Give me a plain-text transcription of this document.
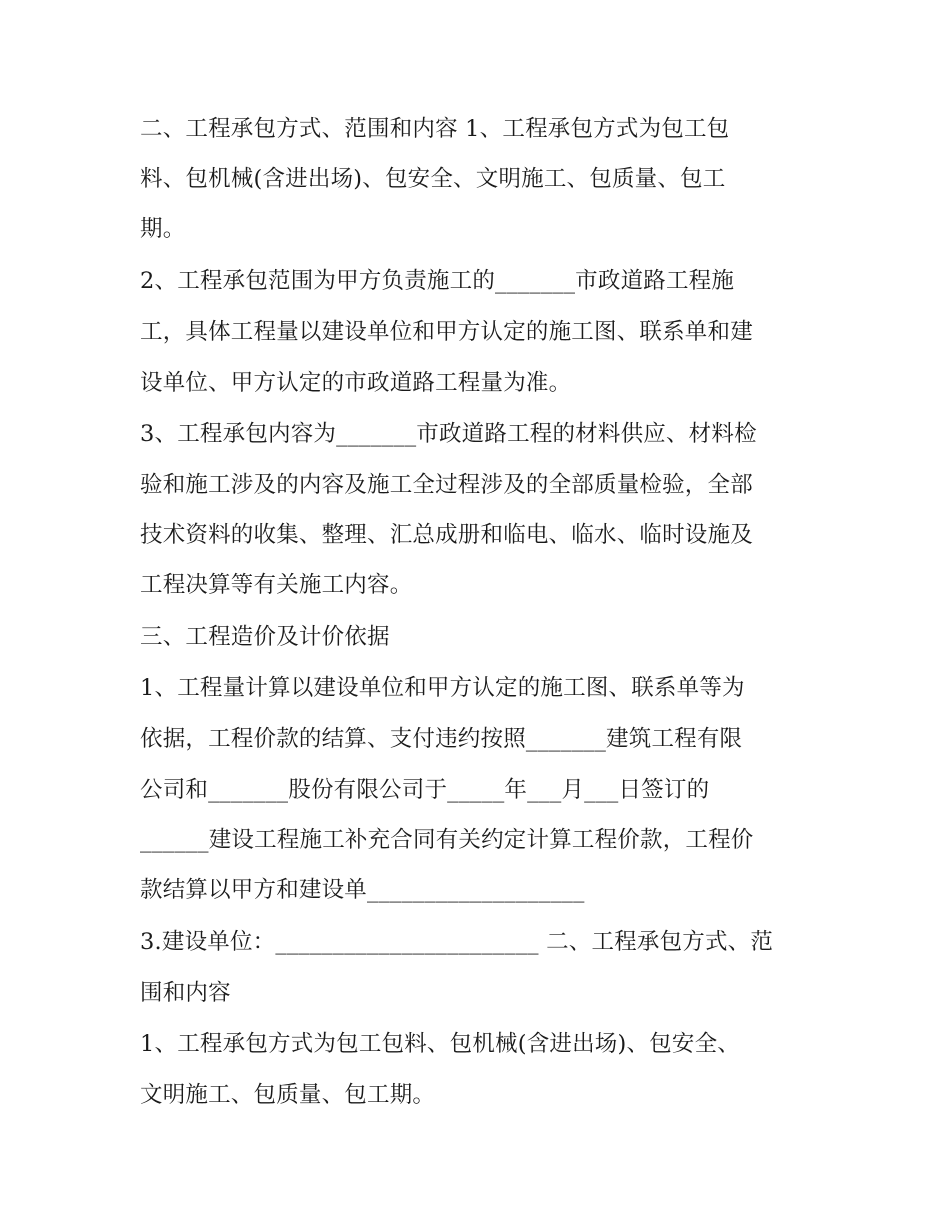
二、工程承包方式、范围和内容 1、工程承包方式为包工包

料、包机械(含进出场)、包安全、文明施工、包质量、包工

期。

2、工程承包范围为甲方负责施工的_______市政道路工程施

工，具体工程量以建设单位和甲方认定的施工图、联系单和建

设单位、甲方认定的市政道路工程量为准。

3、工程承包内容为_______市政道路工程的材料供应、材料检

验和施工涉及的内容及施工全过程涉及的全部质量检验，全部

技术资料的收集、整理、汇总成册和临电、临水、临时设施及

工程决算等有关施工内容。

三、工程造价及计价依据

1、工程量计算以建设单位和甲方认定的施工图、联系单等为

依据，工程价款的结算、支付违约按照_______建筑工程有限

公司和_______股份有限公司于_____年___月___日签订的

______建设工程施工补充合同有关约定计算工程价款，工程价

款结算以甲方和建设单___________________

3.建设单位：_______________________ 二、工程承包方式、范

围和内容

1、工程承包方式为包工包料、包机械(含进出场)、包安全、

文明施工、包质量、包工期。
